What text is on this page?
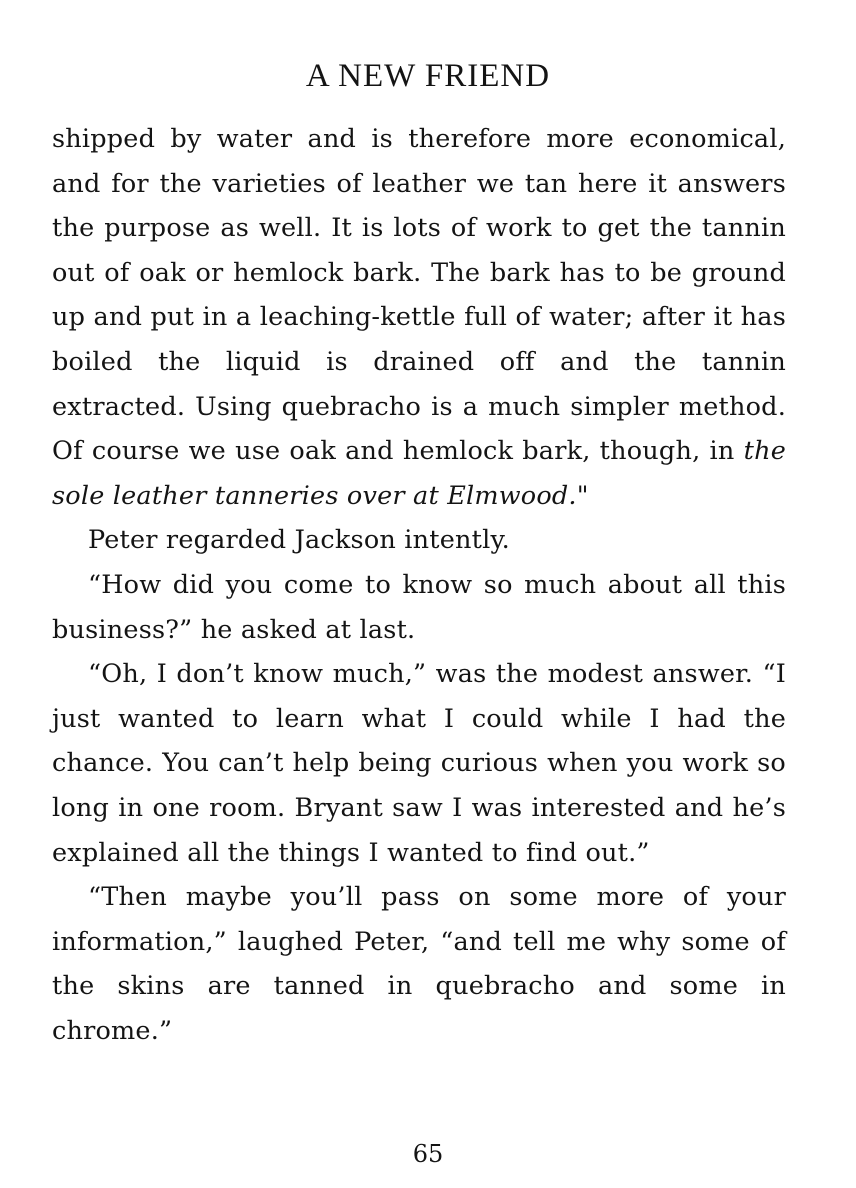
A NEW FRIEND

shipped by water and is therefore more economical, and for the varieties of leather we tan here it answers the purpose as well. It is lots of work to get the tannin out of oak or hemlock bark. The bark has to be ground up and put in a leaching-kettle full of water; after it has boiled the liquid is drained off and the tannin extracted. Using quebracho is a much simpler method. Of course we use oak and hemlock bark, though, in the sole leather tanneries over at Elmwood."

Peter regarded Jackson intently.

“How did you come to know so much about all this business?” he asked at last.

“Oh, I don’t know much,” was the modest answer. “I just wanted to learn what I could while I had the chance. You can’t help being curious when you work so long in one room. Bryant saw I was interested and he’s explained all the things I wanted to find out.”

“Then maybe you’ll pass on some more of your information,” laughed Peter, “and tell me why some of the skins are tanned in quebracho and some in chrome.”

65
